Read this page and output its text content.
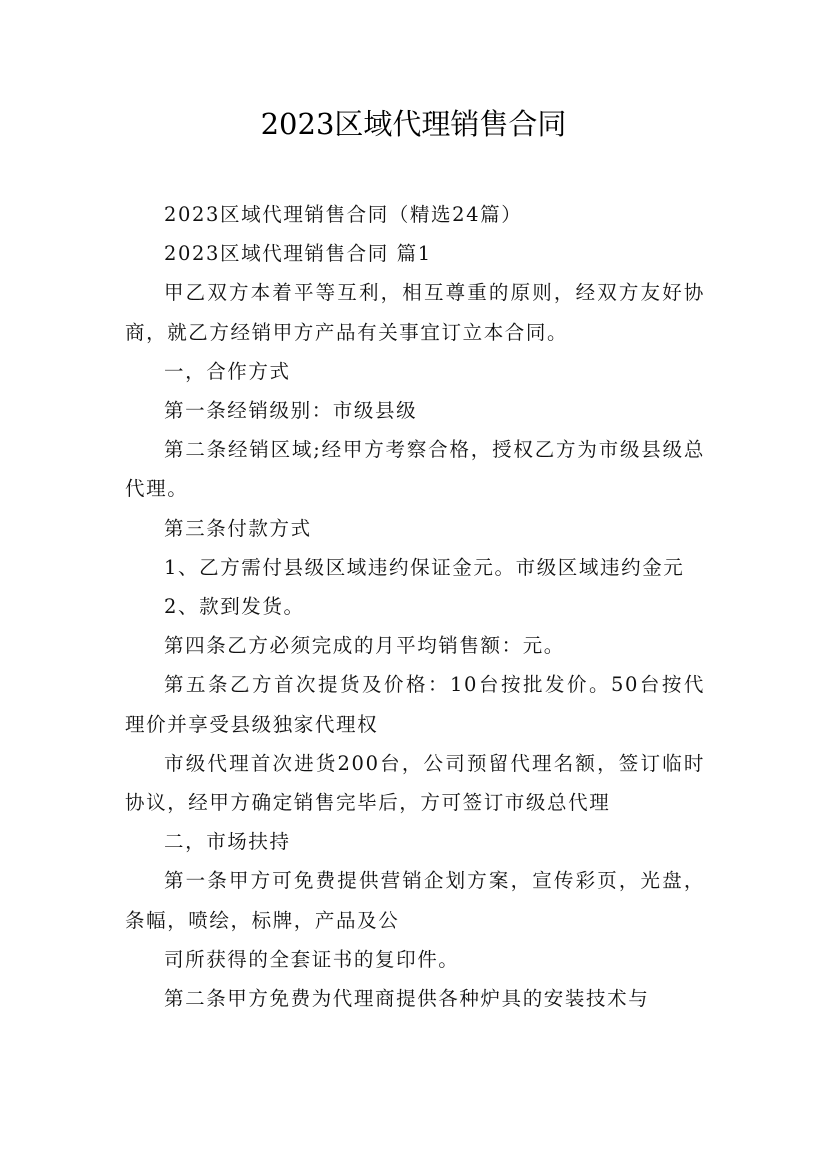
2023区域代理销售合同

2023区域代理销售合同（精选24篇）

2023区域代理销售合同 篇1

甲乙双方本着平等互利，相互尊重的原则，经双方友好协商，就乙方经销甲方产品有关事宜订立本合同。

一，合作方式

第一条经销级别：市级县级

第二条经销区域;经甲方考察合格，授权乙方为市级县级总代理。

第三条付款方式

1、乙方需付县级区域违约保证金元。市级区域违约金元

2、款到发货。

第四条乙方必须完成的月平均销售额：元。

第五条乙方首次提货及价格：10台按批发价。50台按代理价并享受县级独家代理权

市级代理首次进货200台，公司预留代理名额，签订临时协议，经甲方确定销售完毕后，方可签订市级总代理

二，市场扶持

第一条甲方可免费提供营销企划方案，宣传彩页，光盘，条幅，喷绘，标牌，产品及公

司所获得的全套证书的复印件。

第二条甲方免费为代理商提供各种炉具的安装技术与
